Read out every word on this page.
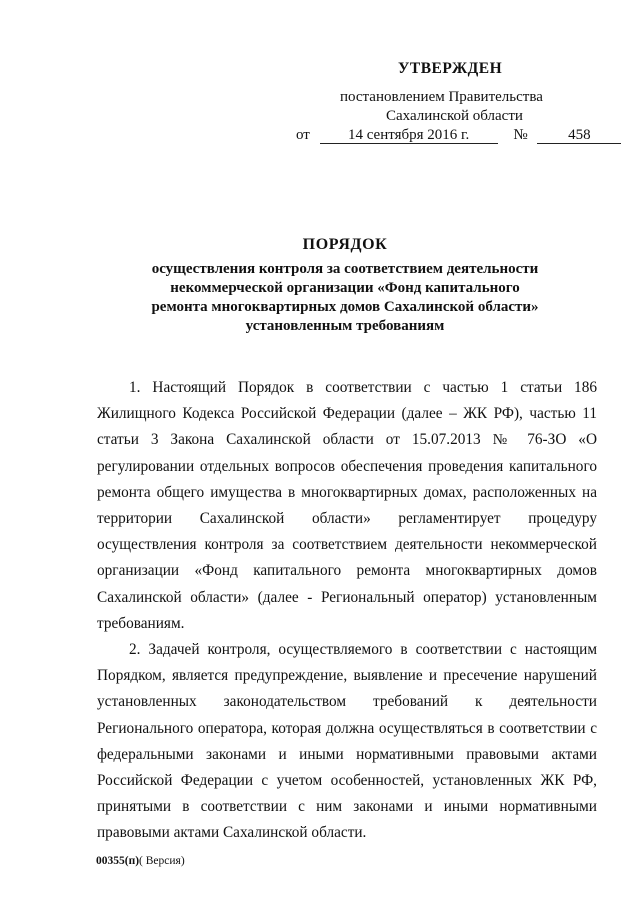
УТВЕРЖДЕН
постановлением Правительства
Сахалинской области
от	14 сентября 2016 г.	№	458
ПОРЯДОК
осуществления контроля за соответствием деятельности некоммерческой организации «Фонд капитального ремонта многоквартирных домов Сахалинской области» установленным требованиям

1. Настоящий Порядок в соответствии с частью 1 статьи 186 Жилищного Кодекса Российской Федерации (далее – ЖК РФ), частью 11 статьи 3 Закона Сахалинской области от 15.07.2013 № 76-ЗО «О регулировании отдельных вопросов обеспечения проведения капитального ремонта общего имущества в многоквартирных домах, расположенных на территории Сахалинской области» регламентирует процедуру осуществления контроля за соответствием деятельности некоммерческой организации «Фонд капитального ремонта многоквартирных домов Сахалинской области» (далее - Региональный оператор) установленным требованиям.

2. Задачей контроля, осуществляемого в соответствии с настоящим Порядком, является предупреждение, выявление и пресечение нарушений установленных законодательством требований к деятельности Регионального оператора, которая должна осуществляться в соответствии с федеральными законами и иными нормативными правовыми актами Российской Федерации с учетом особенностей, установленных ЖК РФ, принятыми в соответствии с ним законами и иными нормативными правовыми актами Сахалинской области.

00355(п)( Версия)
